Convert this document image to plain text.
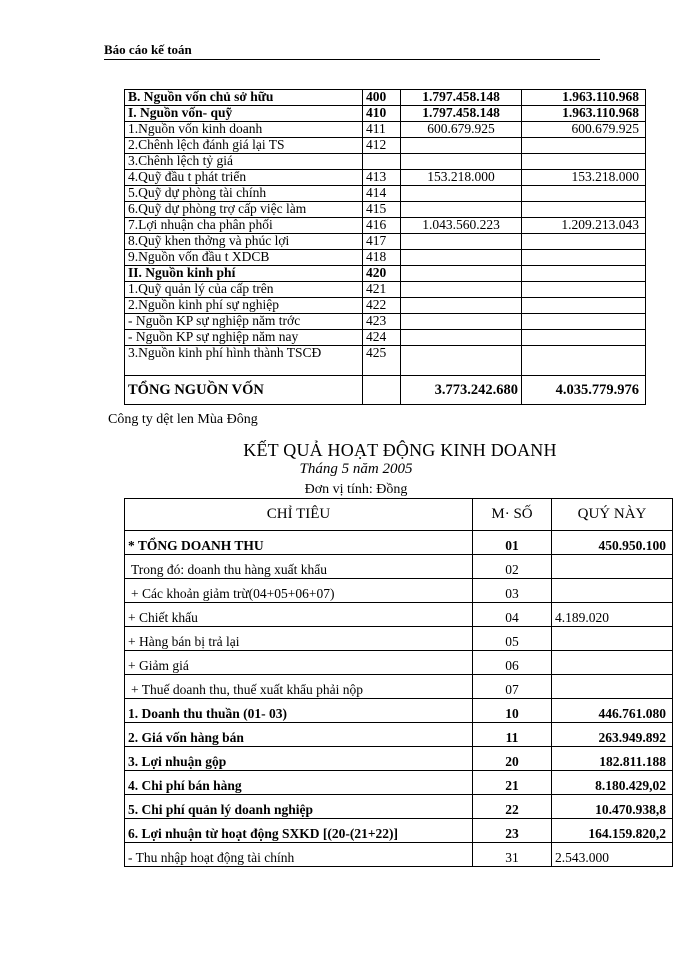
Báo cáo kế toán
B. Nguồn vốn chủ sở hữu	400	1.797.458.148	1.963.110.968
I. Nguồn vốn- quỹ	410	1.797.458.148	1.963.110.968
1.Nguồn vốn kinh doanh	411	600.679.925	600.679.925
2.Chênh lệch đánh giá lại TS	412		
3.Chênh lệch tỷ giá			
4.Quỹ đầu t phát triển	413	153.218.000	153.218.000
5.Quỹ dự phòng tài chính	414		
6.Quỹ dự phòng trợ cấp việc làm	415		
7.Lợi nhuận cha phân phối	416	1.043.560.223	1.209.213.043
8.Quỹ khen thởng và phúc lợi	417		
9.Nguồn vốn đầu t XDCB	418		
II. Nguồn kinh phí	420		
1.Quỹ quản lý của cấp trên	421		
2.Nguồn kinh phí sự nghiệp	422		
- Nguồn KP sự nghiệp năm trớc	423		
- Nguồn KP sự nghiệp năm nay	424		
3.Nguồn kinh phí hình thành TSCĐ	425		
TỔNG NGUỒN VỐN		3.773.242.680	4.035.779.976
Công ty dệt len Mùa Đông
KẾT QUẢ HOẠT ĐỘNG KINH DOANH
Tháng 5 năm 2005
Đơn vị tính: Đồng
CHỈ TIÊU	M· SỐ	QUÝ NÀY
* TỔNG DOANH THU	01	450.950.100
Trong đó: doanh thu hàng xuất khẩu	02	
+ Các khoản giảm trừ(04+05+06+07)	03	
+ Chiết khấu	04	4.189.020
+ Hàng bán bị trả lại	05	
+ Giảm giá	06	
+ Thuế doanh thu, thuế xuất khẩu phải nộp	07	
1. Doanh thu thuần (01- 03)	10	446.761.080
2. Giá vốn hàng bán	11	263.949.892
3. Lợi nhuận gộp	20	182.811.188
4. Chi phí bán hàng	21	8.180.429,02
5. Chi phí quản lý doanh nghiệp	22	10.470.938,8
6. Lợi nhuận từ hoạt động SXKD [(20-(21+22)]	23	164.159.820,2
- Thu nhập hoạt động tài chính	31	2.543.000
